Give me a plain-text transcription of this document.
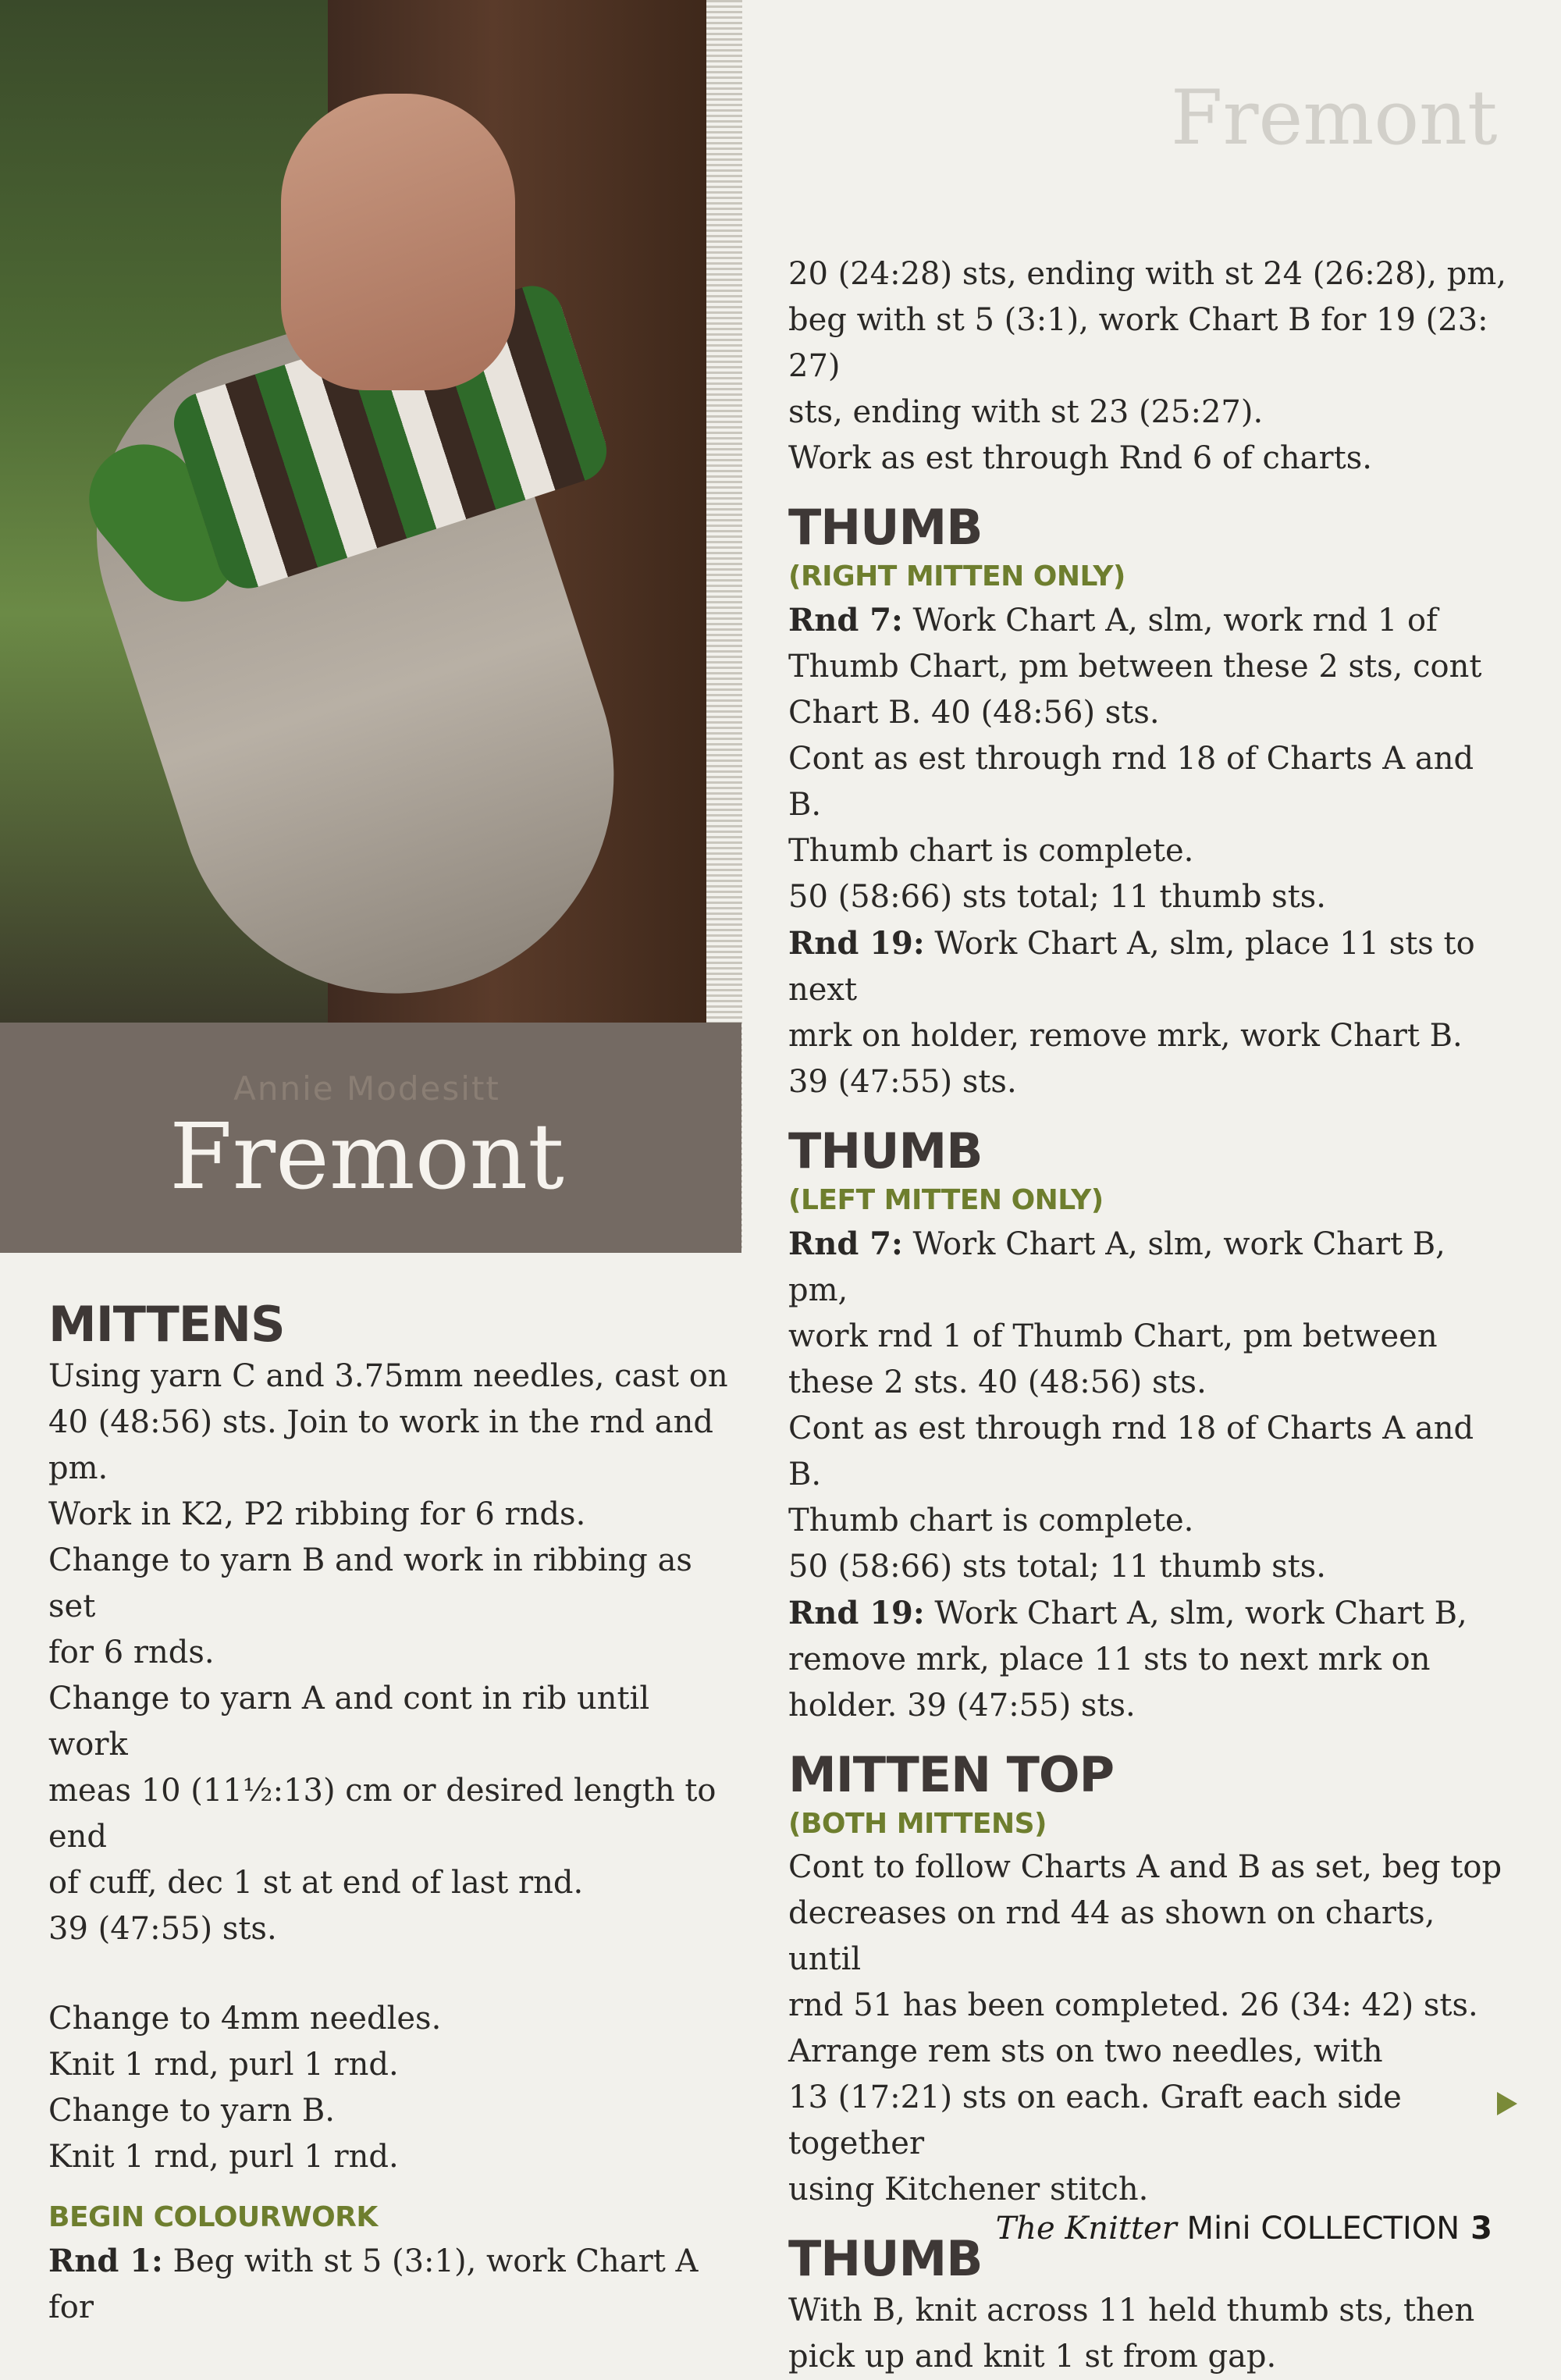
Annie Modesitt
Fremont
Fremont
MITTENS

Using yarn C and 3.75mm needles, cast on

40 (48:56) sts. Join to work in the rnd and pm.

Work in K2, P2 ribbing for 6 rnds.

Change to yarn B and work in ribbing as set

for 6 rnds.

Change to yarn A and cont in rib until work

meas 10 (11½:13) cm or desired length to end

of cuff, dec 1 st at end of last rnd.

39 (47:55) sts.

Change to 4mm needles.

Knit 1 rnd, purl 1 rnd.

Change to yarn B.

Knit 1 rnd, purl 1 rnd.

BEGIN COLOURWORK

Rnd 1: Beg with st 5 (3:1), work Chart A for

20 (24:28) sts, ending with st 24 (26:28), pm,

beg with st 5 (3:1), work Chart B for 19 (23: 27)

sts, ending with st 23 (25:27).

Work as est through Rnd 6 of charts.

THUMB
(RIGHT MITTEN ONLY)

Rnd 7: Work Chart A, slm, work rnd 1 of

Thumb Chart, pm between these 2 sts, cont

Chart B. 40 (48:56) sts.

Cont as est through rnd 18 of Charts A and B.

Thumb chart is complete.

50 (58:66) sts total; 11 thumb sts.

Rnd 19: Work Chart A, slm, place 11 sts to next

mrk on holder, remove mrk, work Chart B.

39 (47:55) sts.

THUMB
(LEFT MITTEN ONLY)

Rnd 7: Work Chart A, slm, work Chart B, pm,

work rnd 1 of Thumb Chart, pm between

these 2 sts. 40 (48:56) sts.

Cont as est through rnd 18 of Charts A and B.

Thumb chart is complete.

50 (58:66) sts total; 11 thumb sts.

Rnd 19: Work Chart A, slm, work Chart B,

remove mrk, place 11 sts to next mrk on

holder. 39 (47:55) sts.

MITTEN TOP
(BOTH MITTENS)

Cont to follow Charts A and B as set, beg top

decreases on rnd 44 as shown on charts, until

rnd 51 has been completed. 26 (34: 42) sts.

Arrange rem sts on two needles, with

13 (17:21) sts on each. Graft each side together

using Kitchener stitch.

THUMB

With B, knit across 11 held thumb sts, then

pick up and knit 1 st from gap.

The Knitter Mini COLLECTION 3
